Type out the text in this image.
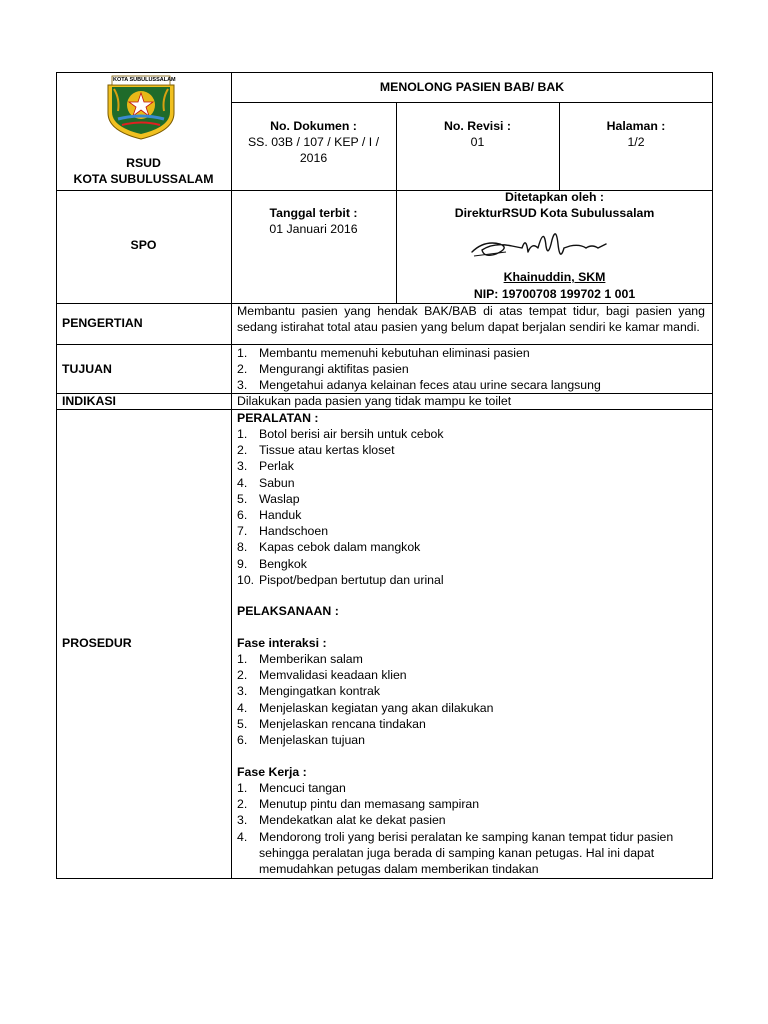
KOTA SUBULUSSALAM
RSUD
KOTA SUBULUSSALAM
MENOLONG PASIEN BAB/ BAK
No. Dokumen :
SS. 03B / 107 / KEP / I /
2016
No. Revisi :
01
Halaman :
1/2
SPO
Tanggal terbit :
01 Januari 2016
Ditetapkan oleh :
DirekturRSUD Kota Subulussalam
Khainuddin, SKM
NIP: 19700708 199702 1 001
PENGERTIAN
Membantu pasien yang hendak BAK/BAB di atas tempat tidur, bagi pasien yang sedang istirahat total atau pasien yang belum dapat berjalan sendiri ke kamar mandi.
TUJUAN
1. Membantu memenuhi kebutuhan eliminasi pasien
2. Mengurangi aktifitas pasien
3. Mengetahui adanya kelainan feces atau urine secara langsung
INDIKASI	Dilakukan pada pasien yang tidak mampu ke toilet
PROSEDUR
PERALATAN :
1. Botol berisi air bersih untuk cebok
2. Tissue atau kertas kloset
3. Perlak
4. Sabun
5. Waslap
6. Handuk
7. Handschoen
8. Kapas cebok dalam mangkok
9. Bengkok
10. Pispot/bedpan bertutup dan urinal
PELAKSANAAN :
Fase interaksi :
1. Memberikan salam
2. Memvalidasi keadaan klien
3. Mengingatkan kontrak
4. Menjelaskan kegiatan yang akan dilakukan
5. Menjelaskan rencana tindakan
6. Menjelaskan tujuan
Fase Kerja :
1. Mencuci tangan
2. Menutup pintu dan memasang sampiran
3. Mendekatkan alat ke dekat pasien
4. Mendorong troli yang berisi peralatan ke samping kanan tempat tidur pasien sehingga peralatan juga berada di samping kanan petugas. Hal ini dapat memudahkan petugas dalam memberikan tindakan
